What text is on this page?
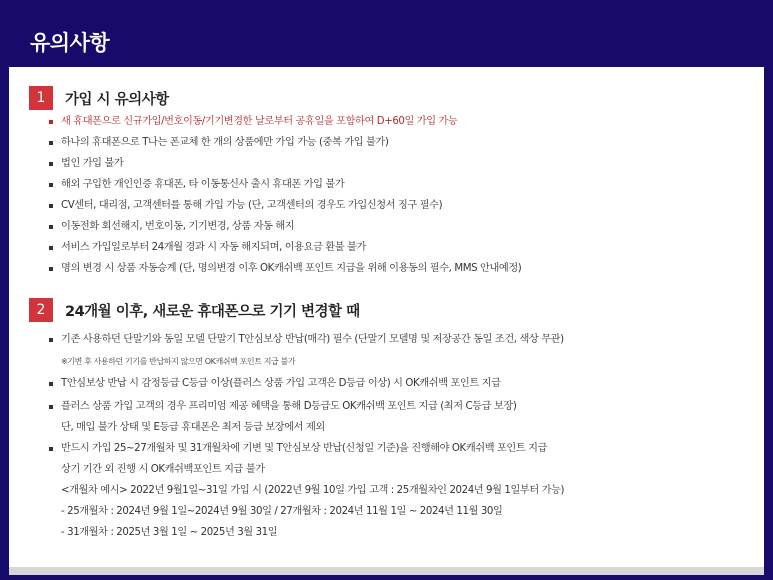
유의사항
1	가입 시 유의사항
새 휴대폰으로 신규가입/번호이동/기기변경한 날로부터 공휴일을 포함하여 D+60일 가입 가능
하나의 휴대폰으로 T나는 폰교체 한 개의 상품에만 가입 가능 (중복 가입 불가)
법인 가입 불가
해외 구입한 개인인증 휴대폰, 타 이동통신사 출시 휴대폰 가입 불가
CV센터, 대리점, 고객센터를 통해 가입 가능 (단, 고객센터의 경우도 가입신청서 징구 필수)
이동전화 회선해지, 번호이동, 기기변경, 상품 자동 해지
서비스 가입일로부터 24개월 경과 시 자동 해지되며, 이용요금 환불 불가
명의 변경 시 상품 자동승계 (단, 명의변경 이후 OK캐쉬백 포인트 지급을 위해 이용동의 필수, MMS 안내예정)
2	24개월 이후, 새로운 휴대폰으로 기기 변경할 때
기존 사용하던 단말기와 동일 모델 단말기 T안심보상 반납(매각) 필수 (단말기 모델명 및 저장공간 동일 조건, 색상 무관)
※기변 후 사용하던 기기를 반납하지 않으면 OK캐쉬백 포인트 지급 불가
T안심보상 반납 시 감정등급 C등급 이상(플러스 상품 가입 고객은 D등급 이상) 시 OK캐쉬백 포인트 지급
플러스 상품 가입 고객의 경우 프리미엄 제공 혜택을 통해 D등급도 OK캐쉬백 포인트 지급 (최저 C등급 보장)
단, 매입 불가 상태 및 E등급 휴대폰은 최저 등급 보장에서 제외
반드시 가입 25~27개월차 및 31개월차에 기변 및 T안심보상 반납(신청일 기준)을 진행해야 OK캐쉬백 포인트 지급
상기 기간 외 진행 시 OK캐쉬백포인트 지급 불가
<개월차 예시> 2022년 9월1일~31일 가입 시 (2022년 9월 10일 가입 고객 : 25개월차인 2024년 9월 1일부터 가능)
- 25개월차 : 2024년 9월 1일~2024년 9월 30일 / 27개월차 : 2024년 11월 1일 ~ 2024년 11월 30일
- 31개월차 : 2025년 3월 1일 ~ 2025년 3월 31일
